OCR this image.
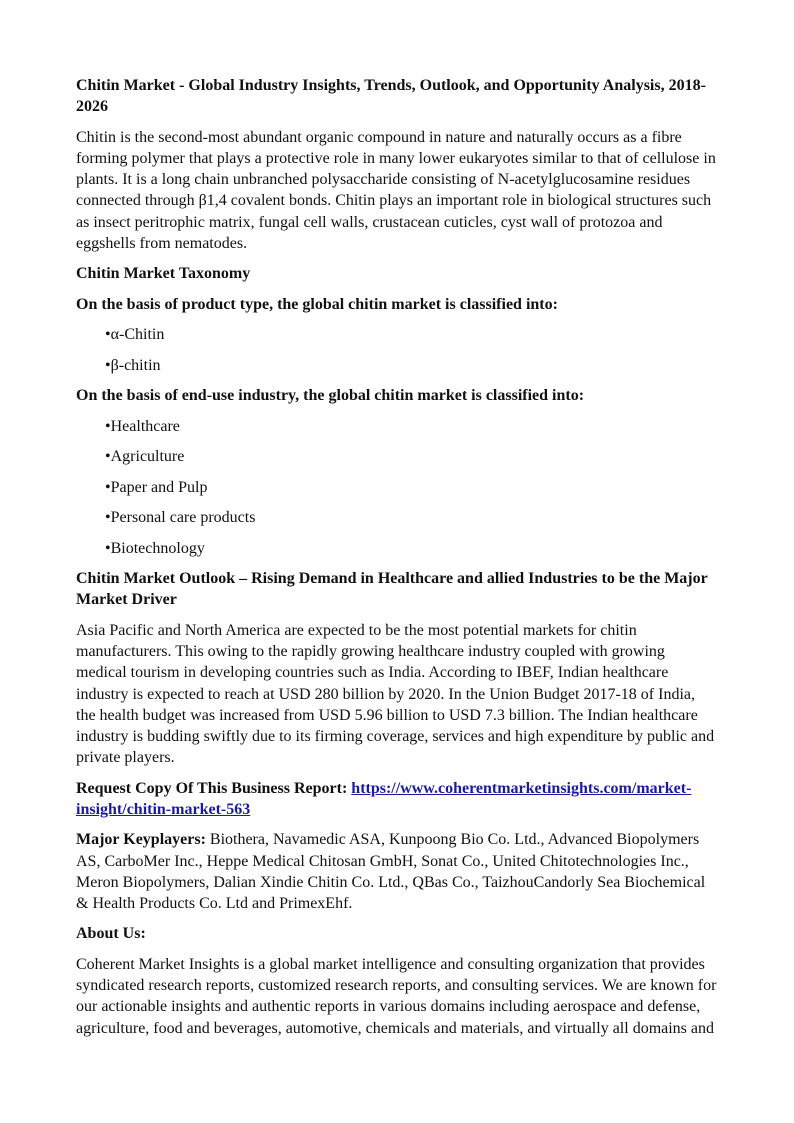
Chitin Market - Global Industry Insights, Trends, Outlook, and Opportunity Analysis, 2018-2026

Chitin is the second-most abundant organic compound in nature and naturally occurs as a fibre forming polymer that plays a protective role in many lower eukaryotes similar to that of cellulose in plants. It is a long chain unbranched polysaccharide consisting of N-acetylglucosamine residues connected through β1,4 covalent bonds. Chitin plays an important role in biological structures such as insect peritrophic matrix, fungal cell walls, crustacean cuticles, cyst wall of protozoa and eggshells from nematodes.

Chitin Market Taxonomy
On the basis of product type, the global chitin market is classified into:
•α-Chitin
•β-chitin
On the basis of end-use industry, the global chitin market is classified into:
•Healthcare
•Agriculture
•Paper and Pulp
•Personal care products
•Biotechnology
Chitin Market Outlook – Rising Demand in Healthcare and allied Industries to be the Major Market Driver

Asia Pacific and North America are expected to be the most potential markets for chitin manufacturers. This owing to the rapidly growing healthcare industry coupled with growing medical tourism in developing countries such as India. According to IBEF, Indian healthcare industry is expected to reach at USD 280 billion by 2020. In the Union Budget 2017-18 of India, the health budget was increased from USD 5.96 billion to USD 7.3 billion. The Indian healthcare industry is budding swiftly due to its firming coverage, services and high expenditure by public and private players.

Request Copy Of This Business Report: https://www.coherentmarketinsights.com/market-insight/chitin-market-563

Major Keyplayers: Biothera, Navamedic ASA, Kunpoong Bio Co. Ltd., Advanced Biopolymers AS, CarboMer Inc., Heppe Medical Chitosan GmbH, Sonat Co., United Chitotechnologies Inc., Meron Biopolymers, Dalian Xindie Chitin Co. Ltd., QBas Co., TaizhouCandorly Sea Biochemical & Health Products Co. Ltd and PrimexEhf.

About Us:

Coherent Market Insights is a global market intelligence and consulting organization that provides syndicated research reports, customized research reports, and consulting services. We are known for our actionable insights and authentic reports in various domains including aerospace and defense, agriculture, food and beverages, automotive, chemicals and materials, and virtually all domains and
